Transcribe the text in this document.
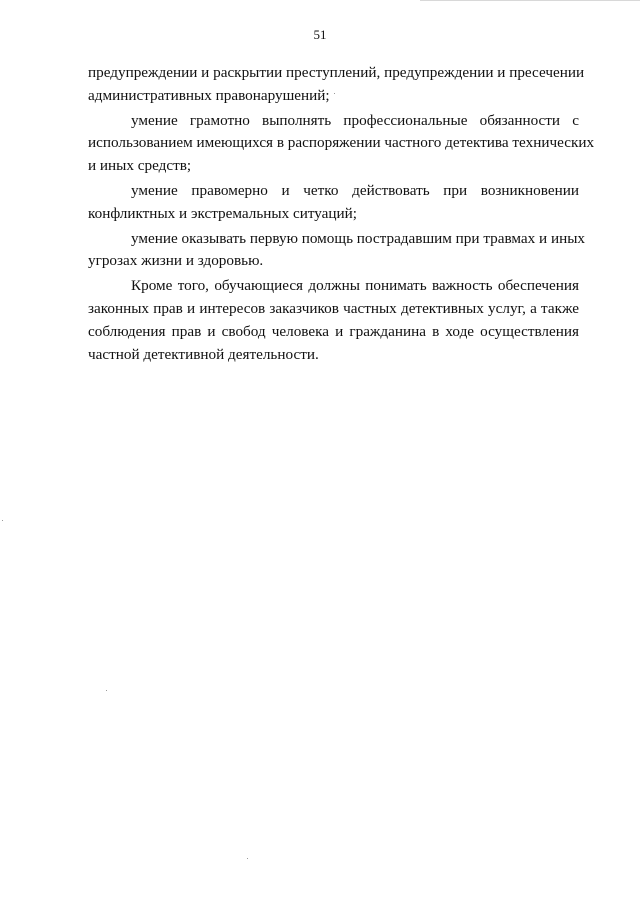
51
предупреждении и раскрытии преступлений, предупреждении и пресечении
административных правонарушений;
умение грамотно выполнять профессиональные обязанности с
использованием имеющихся в распоряжении частного детектива технических
и иных средств;
умение правомерно и четко действовать при возникновении
конфликтных и экстремальных ситуаций;
умение оказывать первую помощь пострадавшим при травмах и иных
угрозах жизни и здоровью.
Кроме того, обучающиеся должны понимать важность обеспечения
законных прав и интересов заказчиков частных детективных услуг, а также
соблюдения прав и свобод человека и гражданина в ходе осуществления
частной детективной деятельности.
